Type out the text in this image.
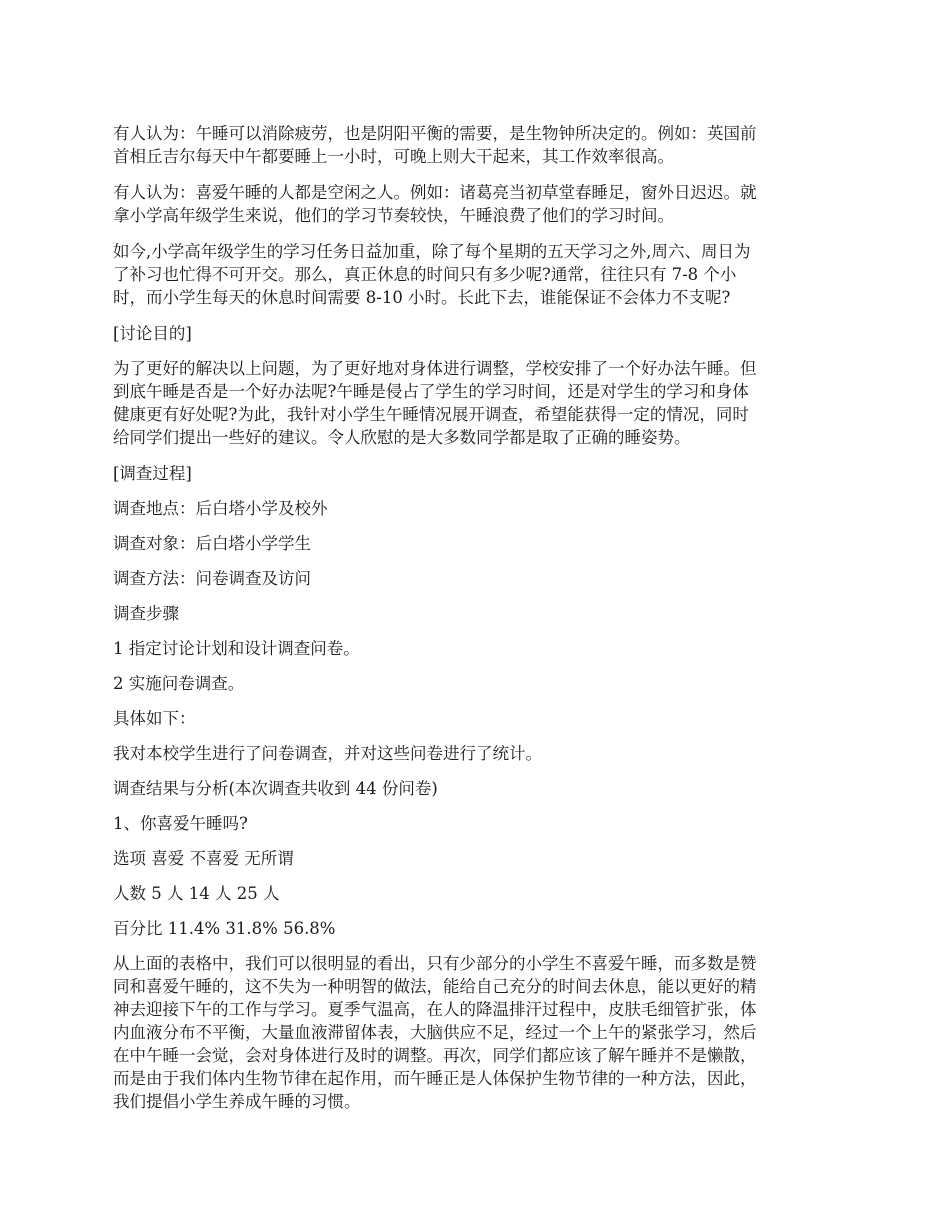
有人认为：午睡可以消除疲劳，也是阴阳平衡的需要，是生物钟所决定的。例如：英国前
首相丘吉尔每天中午都要睡上一小时，可晚上则大干起来，其工作效率很高。

有人认为：喜爱午睡的人都是空闲之人。例如：诸葛亮当初草堂春睡足，窗外日迟迟。就
拿小学高年级学生来说，他们的学习节奏较快，午睡浪费了他们的学习时间。

如今,小学高年级学生的学习任务日益加重，除了每个星期的五天学习之外,周六、周日为
了补习也忙得不可开交。那么，真正休息的时间只有多少呢?通常，往往只有 7-8 个小
时，而小学生每天的休息时间需要 8-10 小时。长此下去，谁能保证不会体力不支呢?

[讨论目的]

为了更好的解决以上问题，为了更好地对身体进行调整，学校安排了一个好办法午睡。但
到底午睡是否是一个好办法呢?午睡是侵占了学生的学习时间，还是对学生的学习和身体
健康更有好处呢?为此，我针对小学生午睡情况展开调查，希望能获得一定的情况，同时
给同学们提出一些好的建议。令人欣慰的是大多数同学都是取了正确的睡姿势。

[调查过程]

调查地点：后白塔小学及校外

调查对象：后白塔小学学生

调查方法：问卷调查及访问

调查步骤

1 指定讨论计划和设计调查问卷。

2 实施问卷调查。

具体如下：

我对本校学生进行了问卷调查，并对这些问卷进行了统计。

调查结果与分析(本次调查共收到 44 份问卷)

1、你喜爱午睡吗?

选项 喜爱 不喜爱 无所谓

人数 5 人 14 人 25 人

百分比 11.4% 31.8% 56.8%

从上面的表格中，我们可以很明显的看出，只有少部分的小学生不喜爱午睡，而多数是赞
同和喜爱午睡的，这不失为一种明智的做法，能给自己充分的时间去休息，能以更好的精
神去迎接下午的工作与学习。夏季气温高，在人的降温排汗过程中，皮肤毛细管扩张，体
内血液分布不平衡，大量血液滞留体表，大脑供应不足，经过一个上午的紧张学习，然后
在中午睡一会觉，会对身体进行及时的调整。再次，同学们都应该了解午睡并不是懒散，
而是由于我们体内生物节律在起作用，而午睡正是人体保护生物节律的一种方法，因此，
我们提倡小学生养成午睡的习惯。
